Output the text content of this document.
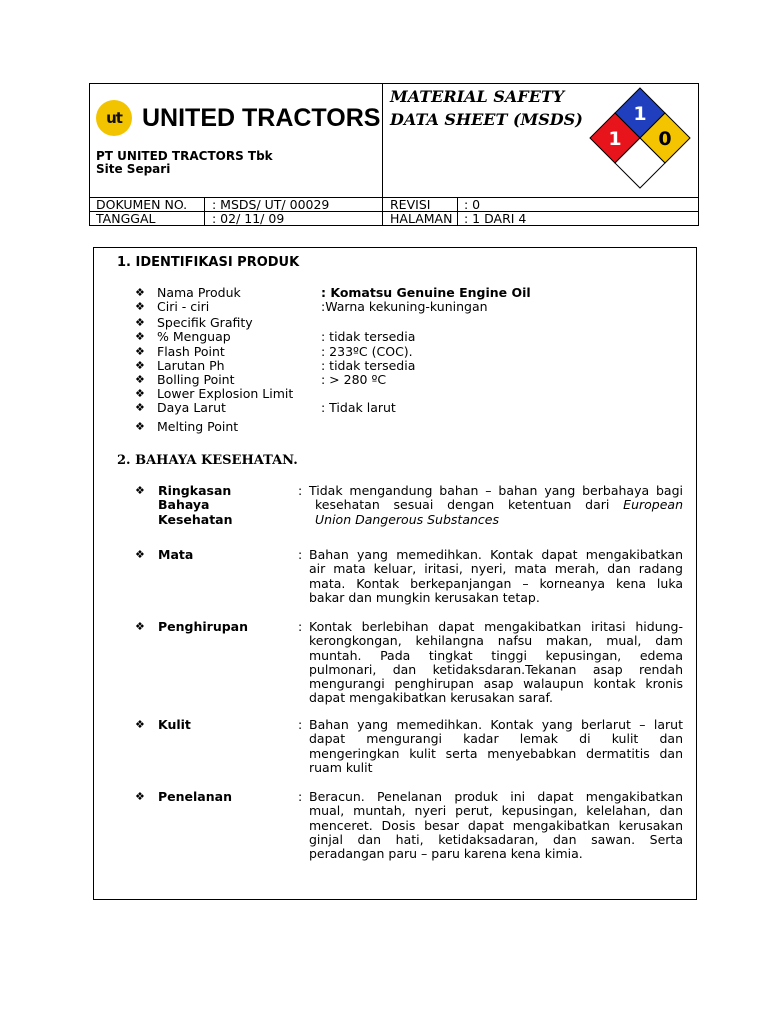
ut UNITED TRACTORS
PT UNITED TRACTORS Tbk
Site Separi
MATERIAL SAFETY
DATA SHEET (MSDS)	1
1 0
DOKUMEN NO. : MSDS/ UT/ 00029	REVISI	: 0
TANGGAL	: 02/ 11/ 09	HALAMAN : 1 DARI 4
1. IDENTIFIKASI PRODUK
❖ Nama Produk	: Komatsu Genuine Engine Oil
❖ Ciri - ciri	:Warna kekuning-kuningan
❖ Specifik Grafity
❖ % Menguap	: tidak tersedia
❖ Flash Point	: 233ºC (COC).
❖ Larutan Ph	: tidak tersedia
❖ Bolling Point	: > 280 ºC
❖ Lower Explosion Limit
❖ Daya Larut	: Tidak larut
❖ Melting Point
2. BAHAYA KESEHATAN.
❖ Ringkasan
Bahaya
Kesehatan
: Tidak mengandung bahan – bahan yang berbahaya bagi
kesehatan sesuai dengan ketentuan dari European
Union Dangerous Substances
❖ Mata	: Bahan yang memedihkan. Kontak dapat mengakibatkan
air mata keluar, iritasi, nyeri, mata merah, dan radang
mata. Kontak berkepanjangan – korneanya kena luka
bakar dan mungkin kerusakan tetap.
❖ Penghirupan	: Kontak berlebihan dapat mengakibatkan iritasi hidung-
kerongkongan, kehilangna nafsu makan, mual, dam
muntah. Pada tingkat tinggi kepusingan, edema
pulmonari, dan ketidaksdaran.Tekanan asap rendah
mengurangi penghirupan asap walaupun kontak kronis
dapat mengakibatkan kerusakan saraf.
❖ Kulit	: Bahan yang memedihkan. Kontak yang berlarut – larut
dapat mengurangi kadar lemak di kulit dan
mengeringkan kulit serta menyebabkan dermatitis dan
ruam kulit
❖ Penelanan	: Beracun. Penelanan produk ini dapat mengakibatkan
mual, muntah, nyeri perut, kepusingan, kelelahan, dan
menceret. Dosis besar dapat mengakibatkan kerusakan
ginjal dan hati, ketidaksadaran, dan sawan. Serta
peradangan paru – paru karena kena kimia.
